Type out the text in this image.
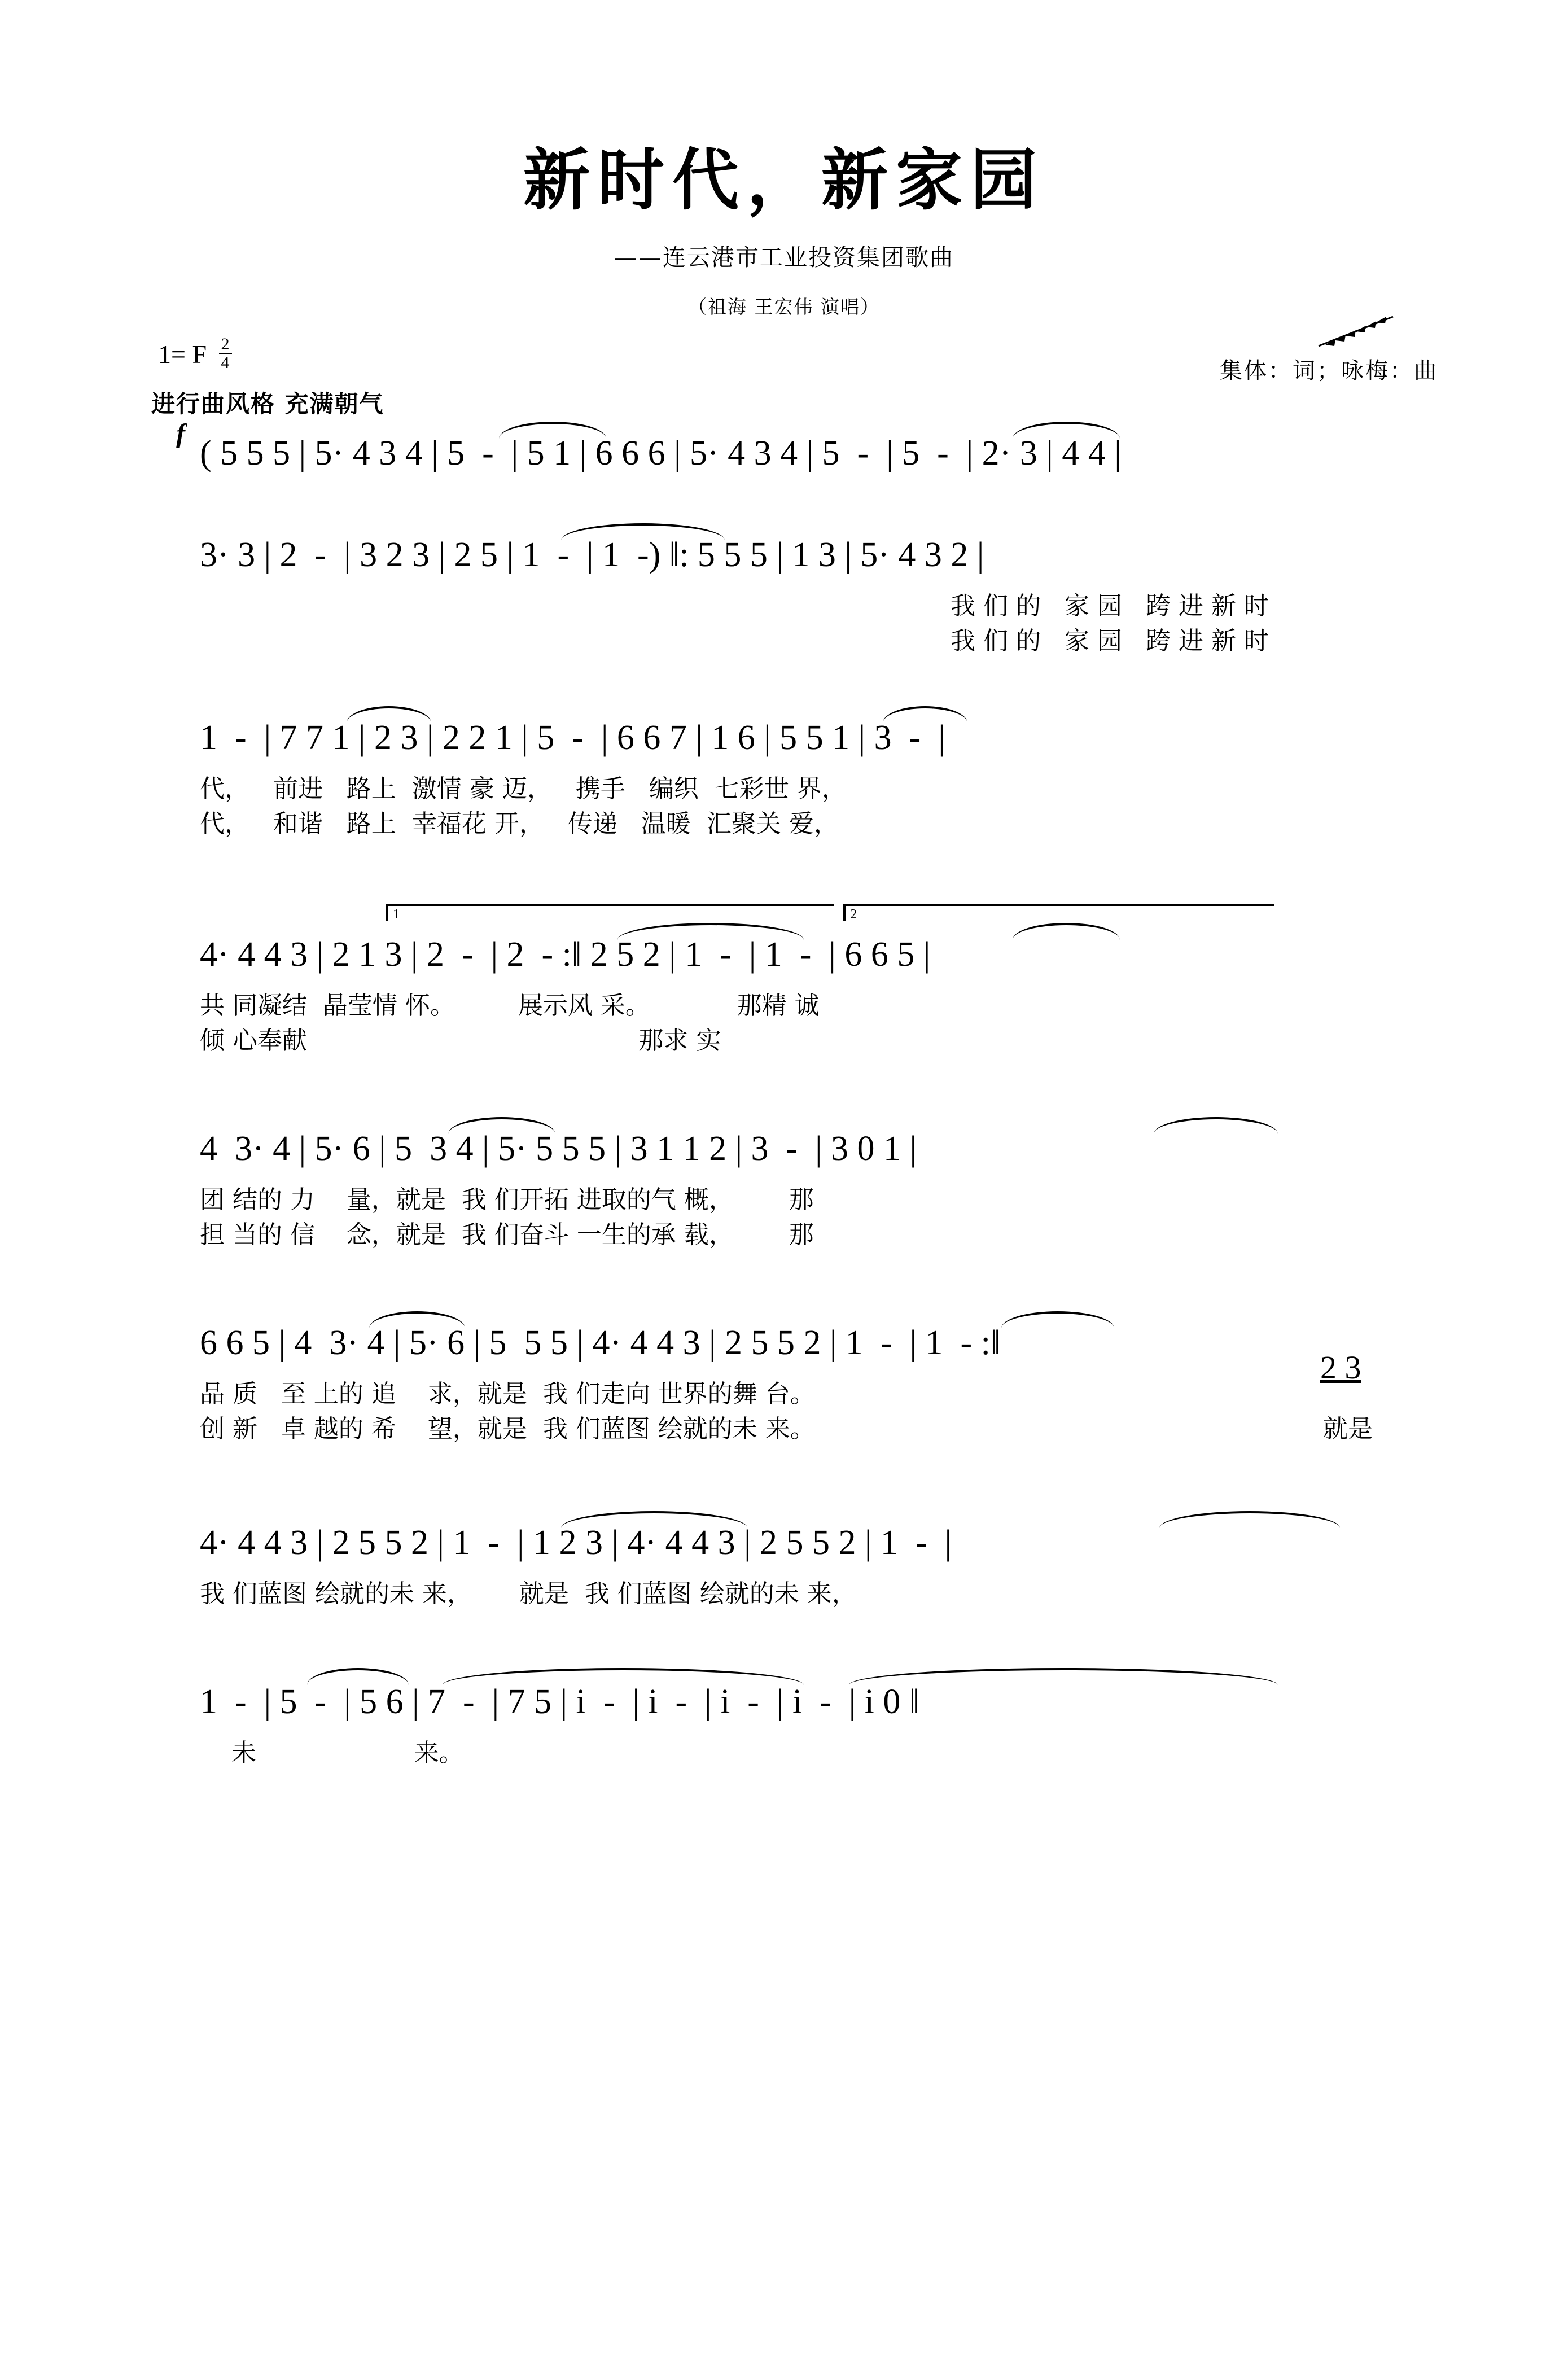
新时代，新家园
——连云港市工业投资集团歌曲
（祖海 王宏伟 演唱）
1= F $\frac{2}{4}$	集体：词；咏梅：曲
进行曲风格 充满朝气
f

( 5 5 5 | 5· 4 3 4 | 5  -  | 5 1 | 6 6 6 | 5· 4 3 4 | 5  -  | 5  -  | 2· 3 | 4 4 |

3· 3 | 2  -  | 3 2 3 | 2 5 | 1  -  | 1  -) ‖: 5 5 5 | 1 3 | 5· 4 3 2 |

我 们 的   家 园   跨 进 新 时
我 们 的   家 园   跨 进 新 时

1  -  | 7 7 1 | 2 3 | 2 2 1 | 5  -  | 6 6 7 | 1 6 | 5 5 1 | 3  -  |

代，   前进   路上  激情 豪 迈，   携手   编织  七彩世 界，
代，   和谐   路上  幸福花 开，   传递   温暖  汇聚关 爱，
1	2

4· 4 4 3 | 2 1 3 | 2  -  | 2  - :‖ 2 5 2 | 1  -  | 1  -  | 6 6 5 |

共 同凝结  晶莹情 怀。        展示风 采。           那精 诚
倾 心奉献                                          那求 实

4  3· 4 | 5· 6 | 5  3 4 | 5· 5 5 5 | 3 1 1 2 | 3  -  | 3 0 1 |

团 结的 力    量，就是  我 们开拓 进取的气 概，       那
担 当的 信    念，就是  我 们奋斗 一生的承 载，       那

6 6 5 | 4  3· 4 | 5· 6 | 5  5 5 | 4· 4 4 3 | 2 5 5 2 | 1  -  | 1  - :‖

2 3

品 质   至 上的 追    求，就是  我 们走向 世界的舞 台。
创 新   卓 越的 希    望，就是  我 们蓝图 绘就的未 来。	就是

4· 4 4 3 | 2 5 5 2 | 1  -  | 1 2 3 | 4· 4 4 3 | 2 5 5 2 | 1  -  |

我 们蓝图 绘就的未 来，      就是  我 们蓝图 绘就的未 来，

1  -  | 5  -  | 5 6 | 7  -  | 7 5 | i  -  | i  -  | i  -  | i  -  | i 0 ‖

未                    来。
